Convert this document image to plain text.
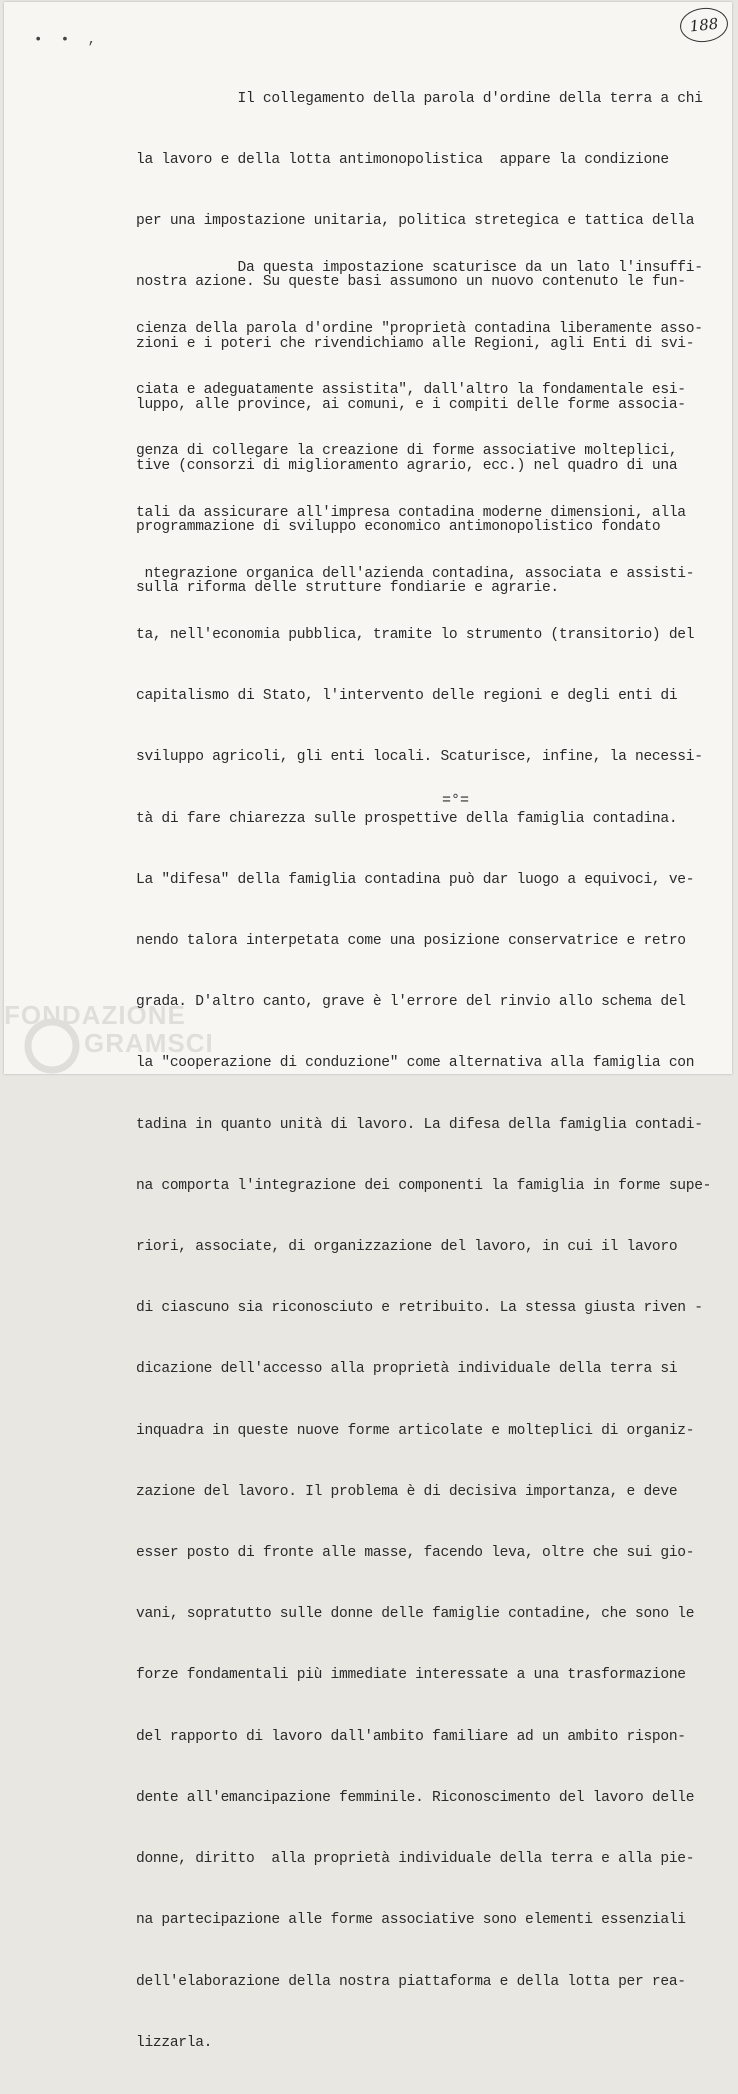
• • ,
188

Il collegamento della parola d'ordine della terra a chi

la lavoro e della lotta antimonopolistica  appare la condizione

per una impostazione unitaria, politica stretegica e tattica della

nostra azione. Su queste basi assumono un nuovo contenuto le fun-

zioni e i poteri che rivendichiamo alle Regioni, agli Enti di svi-

luppo, alle province, ai comuni, e i compiti delle forme associa-

tive (consorzi di miglioramento agrario, ecc.) nel quadro di una

programmazione di sviluppo economico antimonopolistico fondato

sulla riforma delle strutture fondiarie e agrarie.

Da questa impostazione scaturisce da un lato l'insuffi-

cienza della parola d'ordine "proprietà contadina liberamente asso-

ciata e adeguatamente assistita", dall'altro la fondamentale esi-

genza di collegare la creazione di forme associative molteplici,

tali da assicurare all'impresa contadina moderne dimensioni, alla

ntegrazione organica dell'azienda contadina, associata e assisti-

ta, nell'economia pubblica, tramite lo strumento (transitorio) del

capitalismo di Stato, l'intervento delle regioni e degli enti di

sviluppo agricoli, gli enti locali. Scaturisce, infine, la necessi-

tà di fare chiarezza sulle prospettive della famiglia contadina.

La "difesa" della famiglia contadina può dar luogo a equivoci, ve-

nendo talora interpetata come una posizione conservatrice e retro

grada. D'altro canto, grave è l'errore del rinvio allo schema del

la "cooperazione di conduzione" come alternativa alla famiglia con

tadina in quanto unità di lavoro. La difesa della famiglia contadi-

na comporta l'integrazione dei componenti la famiglia in forme supe-

riori, associate, di organizzazione del lavoro, in cui il lavoro

di ciascuno sia riconosciuto e retribuito. La stessa giusta riven -

dicazione dell'accesso alla proprietà individuale della terra si

inquadra in queste nuove forme articolate e molteplici di organiz-

zazione del lavoro. Il problema è di decisiva importanza, e deve

esser posto di fronte alle masse, facendo leva, oltre che sui gio-

vani, sopratutto sulle donne delle famiglie contadine, che sono le

forze fondamentali più immediate interessate a una trasformazione

del rapporto di lavoro dall'ambito familiare ad un ambito rispon-

dente all'emancipazione femminile. Riconoscimento del lavoro delle

donne, diritto  alla proprietà individuale della terra e alla pie-

na partecipazione alle forme associative sono elementi essenziali

dell'elaborazione della nostra piattaforma e della lotta per rea-

lizzarla.

=°=
FONDAZIONE
GRAMSCI
